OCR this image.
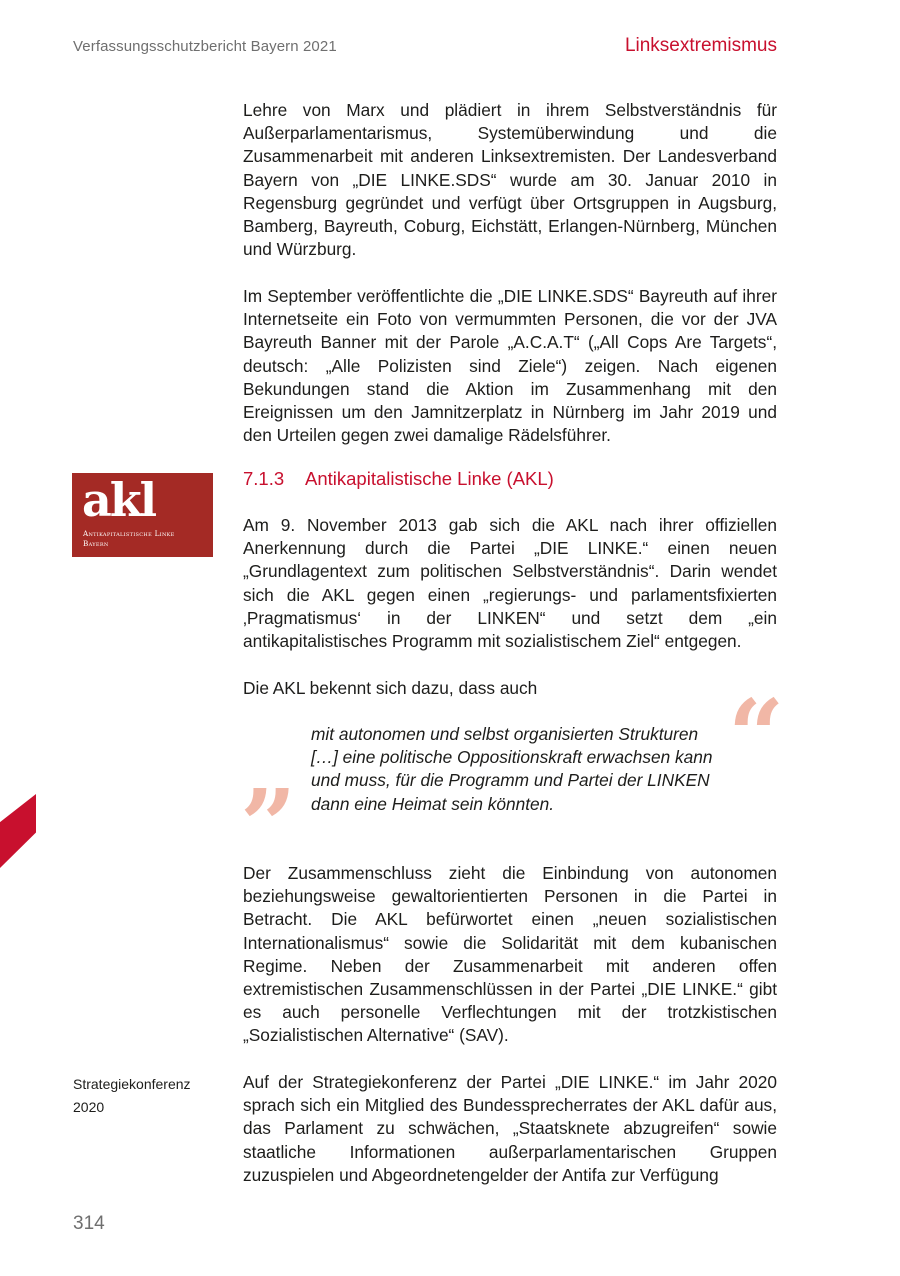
Verfassungsschutzbericht Bayern 2021	Linksextremismus

Lehre von Marx und plädiert in ihrem Selbstverständnis für Außerparlamentarismus, Systemüberwindung und die Zusammenarbeit mit anderen Linksextremisten. Der Landesverband Bayern von „DIE LINKE.SDS“ wurde am 30. Januar 2010 in Regensburg gegründet und verfügt über Ortsgruppen in Augsburg, Bamberg, Bayreuth, Coburg, Eichstätt, Erlangen-Nürnberg, München und Würzburg.

Im September veröffentlichte die „DIE LINKE.SDS“ Bayreuth auf ihrer Internetseite ein Foto von vermummten Personen, die vor der JVA Bayreuth Banner mit der Parole „A.C.A.T“ („All Cops Are Targets“, deutsch: „Alle Polizisten sind Ziele“) zeigen. Nach eigenen Bekundungen stand die Aktion im Zusammenhang mit den Ereignissen um den Jamnitzerplatz in Nürnberg im Jahr 2019 und den Urteilen gegen zwei damalige Rädelsführer.

akl
Antikapitalistische Linke
Bayern
7.1.3 Antikapitalistische Linke (AKL)

Am 9. November 2013 gab sich die AKL nach ihrer offiziellen Anerkennung durch die Partei „DIE LINKE.“ einen neuen „Grundlagentext zum politischen Selbstverständnis“. Darin wendet sich die AKL gegen einen „regierungs- und parlamentsfixierten ‚Pragmatismus‘ in der LINKEN“ und setzt dem „ein antikapitalistisches Programm mit sozialistischem Ziel“ entgegen.

Die AKL bekennt sich dazu, dass auch	“
mit autonomen und selbst organisierten Strukturen […] eine politische Oppositionskraft erwachsen kann und muss, für die Programm und Partei der LINKEN dann eine Heimat sein könnten.
”

Der Zusammenschluss zieht die Einbindung von autonomen beziehungsweise gewaltorientierten Personen in die Partei in Betracht. Die AKL befürwortet einen „neuen sozialistischen Internationalismus“ sowie die Solidarität mit dem kubanischen Regime. Neben der Zusammenarbeit mit anderen offen extremistischen Zusammenschlüssen in der Partei „DIE LINKE.“ gibt es auch personelle Verflechtungen mit der trotzkistischen „Sozialistischen Alternative“ (SAV).

Strategiekonferenz
2020

Auf der Strategiekonferenz der Partei „DIE LINKE.“ im Jahr 2020 sprach sich ein Mitglied des Bundessprecherrates der AKL dafür aus, das Parlament zu schwächen, „Staatsknete abzugreifen“ sowie staatliche Informationen außerparlamentarischen Gruppen zuzuspielen und Abgeordnetengelder der Antifa zur Verfügung

314
